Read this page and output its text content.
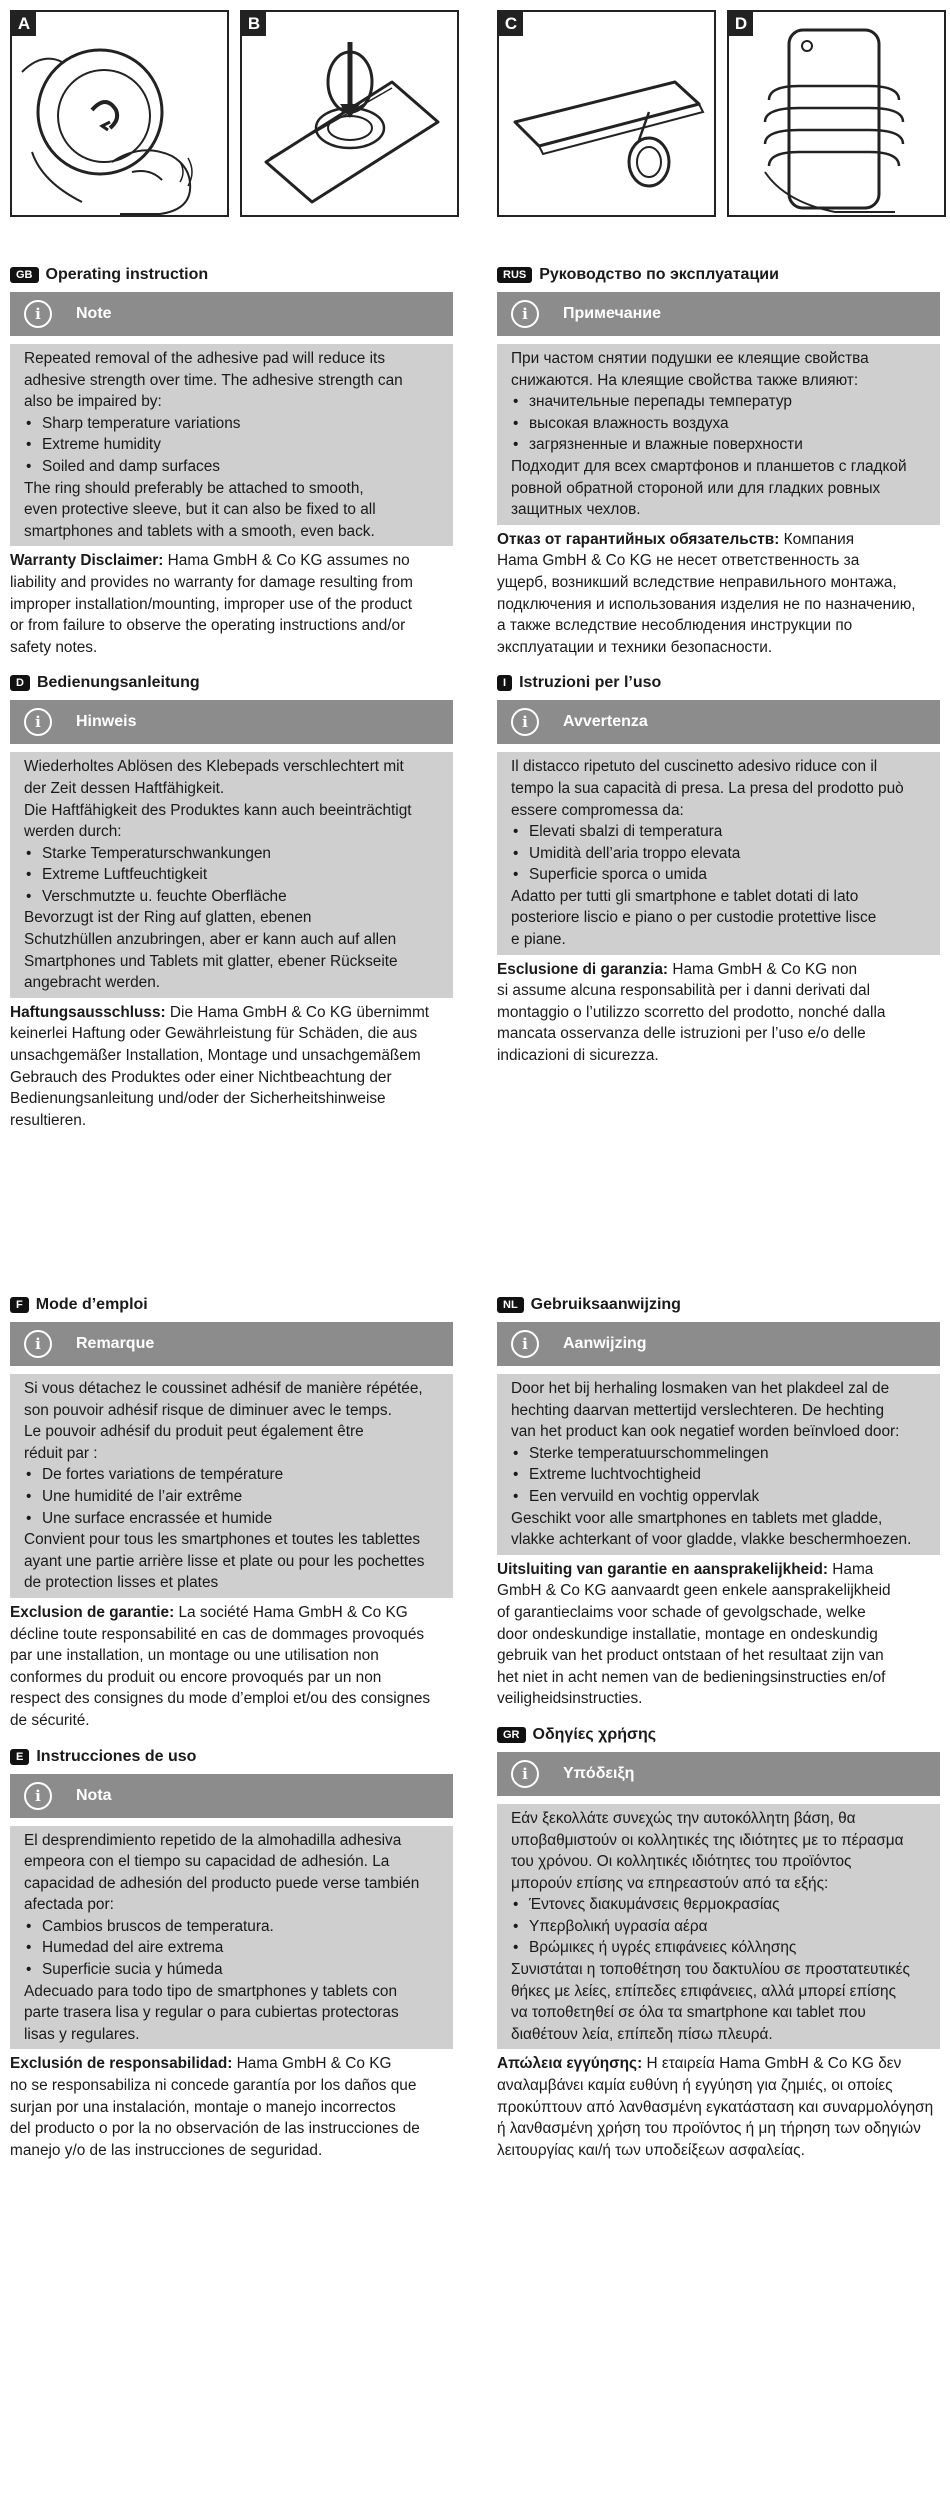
A	B	C	D
GB Operating instruction
i	Note

Repeated removal of the adhesive pad will reduce its

adhesive strength over time. The adhesive strength can

also be impaired by:

• Sharp temperature variations
• Extreme humidity
• Soiled and damp surfaces

The ring should preferably be attached to smooth,

even protective sleeve, but it can also be fixed to all

smartphones and tablets with a smooth, even back.

Warranty Disclaimer: Hama GmbH & Co KG assumes no
liability and provides no warranty for damage resulting from
improper installation/mounting, improper use of the product
or from failure to observe the operating instructions and/or
safety notes.
D Bedienungsanleitung
i	Hinweis

Wiederholtes Ablösen des Klebepads verschlechtert mit

der Zeit dessen Haftfähigkeit.

Die Haftfähigkeit des Produktes kann auch beeinträchtigt

werden durch:

• Starke Temperaturschwankungen
• Extreme Luftfeuchtigkeit
• Verschmutzte u. feuchte Oberfläche

Bevorzugt ist der Ring auf glatten, ebenen

Schutzhüllen anzubringen, aber er kann auch auf allen

Smartphones und Tablets mit glatter, ebener Rückseite

angebracht werden.

Haftungsausschluss: Die Hama GmbH & Co KG übernimmt
keinerlei Haftung oder Gewährleistung für Schäden, die aus
unsachgemäßer Installation, Montage und unsachgemäßem
Gebrauch des Produktes oder einer Nichtbeachtung der
Bedienungsanleitung und/oder der Sicherheitshinweise
resultieren.
RUS Руководство по эксплуатации
i	Примечание

При частом снятии подушки ее клеящие свойства

снижаются. На клеящие свойства также влияют:

• значительные перепады температур
• высокая влажность воздуха
• загрязненные и влажные поверхности

Подходит для всех смартфонов и планшетов с гладкой

ровной обратной стороной или для гладких ровных

защитных чехлов.

Отказ от гарантийных обязательств: Компания
Hama GmbH & Co KG не несет ответственность за
ущерб, возникший вследствие неправильного монтажа,
подключения и использования изделия не по назначению,
а также вследствие несоблюдения инструкции по
эксплуатации и техники безопасности.
I Istruzioni per l’uso
i	Avvertenza

Il distacco ripetuto del cuscinetto adesivo riduce con il

tempo la sua capacità di presa. La presa del prodotto può

essere compromessa da:

• Elevati sbalzi di temperatura
• Umidità dell’aria troppo elevata
• Superficie sporca o umida

Adatto per tutti gli smartphone e tablet dotati di lato

posteriore liscio e piano o per custodie protettive lisce

e piane.

Esclusione di garanzia: Hama GmbH & Co KG non
si assume alcuna responsabilità per i danni derivati dal
montaggio o l’utilizzo scorretto del prodotto, nonché dalla
mancata osservanza delle istruzioni per l’uso e/o delle
indicazioni di sicurezza.
F Mode d’emploi
i	Remarque

Si vous détachez le coussinet adhésif de manière répétée,

son pouvoir adhésif risque de diminuer avec le temps.

Le pouvoir adhésif du produit peut également être

réduit par :

• De fortes variations de température
• Une humidité de l’air extrême
• Une surface encrassée et humide

Convient pour tous les smartphones et toutes les tablettes

ayant une partie arrière lisse et plate ou pour les pochettes

de protection lisses et plates

Exclusion de garantie: La société Hama GmbH & Co KG
décline toute responsabilité en cas de dommages provoqués
par une installation, un montage ou une utilisation non
conformes du produit ou encore provoqués par un non
respect des consignes du mode d’emploi et/ou des consignes
de sécurité.
E Instrucciones de uso
i	Nota

El desprendimiento repetido de la almohadilla adhesiva

empeora con el tiempo su capacidad de adhesión. La

capacidad de adhesión del producto puede verse también

afectada por:

• Cambios bruscos de temperatura.
• Humedad del aire extrema
• Superficie sucia y húmeda

Adecuado para todo tipo de smartphones y tablets con

parte trasera lisa y regular o para cubiertas protectoras

lisas y regulares.

Exclusión de responsabilidad: Hama GmbH & Co KG
no se responsabiliza ni concede garantía por los daños que
surjan por una instalación, montaje o manejo incorrectos
del producto o por la no observación de las instrucciones de
manejo y/o de las instrucciones de seguridad.
NL Gebruiksaanwijzing
i	Aanwijzing

Door het bij herhaling losmaken van het plakdeel zal de

hechting daarvan mettertijd verslechteren. De hechting

van het product kan ook negatief worden beïnvloed door:

• Sterke temperatuurschommelingen
• Extreme luchtvochtigheid
• Een vervuild en vochtig oppervlak

Geschikt voor alle smartphones en tablets met gladde,

vlakke achterkant of voor gladde, vlakke beschermhoezen.

Uitsluiting van garantie en aansprakelijkheid: Hama
GmbH & Co KG aanvaardt geen enkele aansprakelijkheid
of garantieclaims voor schade of gevolgschade, welke
door ondeskundige installatie, montage en ondeskundig
gebruik van het product ontstaan of het resultaat zijn van
het niet in acht nemen van de bedieningsinstructies en/of
veiligheidsinstructies.
GR Οδηγίες χρήσης
i	Υπόδειξη

Εάν ξεκολλάτε συνεχώς την αυτοκόλλητη βάση, θα

υποβαθμιστούν οι κολλητικές της ιδιότητες με το πέρασμα

του χρόνου. Οι κολλητικές ιδιότητες του προϊόντος

μπορούν επίσης να επηρεαστούν από τα εξής:

• Έντονες διακυμάνσεις θερμοκρασίας
• Υπερβολική υγρασία αέρα
• Βρώμικες ή υγρές επιφάνειες κόλλησης

Συνιστάται η τοποθέτηση του δακτυλίου σε προστατευτικές

θήκες με λείες, επίπεδες επιφάνειες, αλλά μπορεί επίσης

να τοποθετηθεί σε όλα τα smartphone και tablet που

διαθέτουν λεία, επίπεδη πίσω πλευρά.

Απώλεια εγγύησης: Η εταιρεία Hama GmbH & Co KG δεν
αναλαμβάνει καμία ευθύνη ή εγγύηση για ζημιές, οι οποίες
προκύπτουν από λανθασμένη εγκατάσταση και συναρμολόγηση
ή λανθασμένη χρήση του προϊόντος ή μη τήρηση των οδηγιών
λειτουργίας και/ή των υποδείξεων ασφαλείας.
